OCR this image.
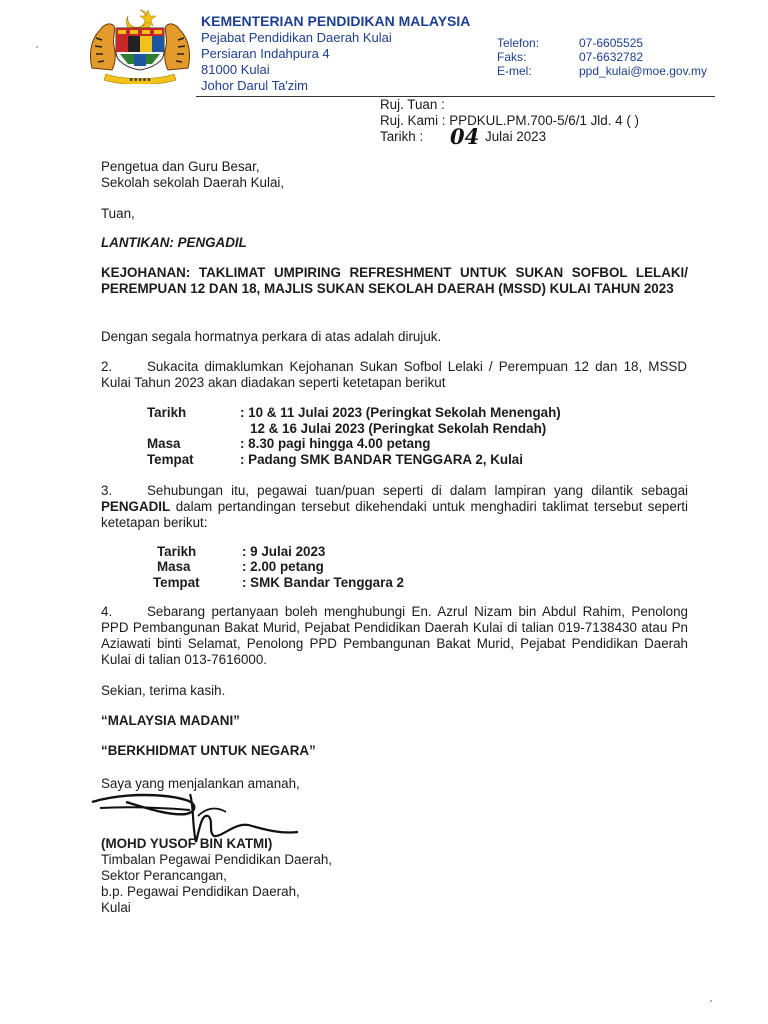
■ ■ ■ ■ ■
KEMENTERIAN PENDIDIKAN MALAYSIA
Pejabat Pendidikan Daerah Kulai
Persiaran Indahpura 4
81000 Kulai
Johor Darul Ta'zim
Telefon:	07-6605525
Faks:	07-6632782
E-mel:	ppd_kulai@moe.gov.my
Ruj. Tuan :
Ruj. Kami : PPDKUL.PM.700-5/6/1 Jld. 4 ( )
Tarikh : 04 Julai 2023
Pengetua dan Guru Besar,
Sekolah sekolah Daerah Kulai,
Tuan,
LANTIKAN: PENGADIL
KEJOHANAN: TAKLIMAT UMPIRING REFRESHMENT UNTUK SUKAN SOFBOL LELAKI/ PEREMPUAN 12 DAN 18, MAJLIS SUKAN SEKOLAH DAERAH (MSSD) KULAI TAHUN 2023
Dengan segala hormatnya perkara di atas adalah dirujuk.
2.	Sukacita dimaklumkan Kejohanan Sukan Sofbol Lelaki / Perempuan 12 dan 18, MSSD Kulai Tahun 2023 akan diadakan seperti ketetapan berikut
Tarikh	: 10 & 11 Julai 2023 (Peringkat Sekolah Menengah)
12 & 16 Julai 2023 (Peringkat Sekolah Rendah)
Masa	: 8.30 pagi hingga 4.00 petang
Tempat	: Padang SMK BANDAR TENGGARA 2, Kulai
3.	Sehubungan itu, pegawai tuan/puan seperti di dalam lampiran yang dilantik sebagai PENGADIL dalam pertandingan tersebut dikehendaki untuk menghadiri taklimat tersebut seperti ketetapan berikut:
Tarikh	: 9 Julai 2023
Masa	: 2.00 petang
Tempat	: SMK Bandar Tenggara 2
4.	Sebarang pertanyaan boleh menghubungi En. Azrul Nizam bin Abdul Rahim, Penolong PPD Pembangunan Bakat Murid, Pejabat Pendidikan Daerah Kulai di talian 019-7138430 atau Pn Aziawati binti Selamat, Penolong PPD Pembangunan Bakat Murid, Pejabat Pendidikan Daerah Kulai di talian 013-7616000.
Sekian, terima kasih.
“MALAYSIA MADANI”
“BERKHIDMAT UNTUK NEGARA”
Saya yang menjalankan amanah,
(MOHD YUSOF BIN KATMI)
Timbalan Pegawai Pendidikan Daerah,
Sektor Perancangan,
b.p. Pegawai Pendidikan Daerah,
Kulai
